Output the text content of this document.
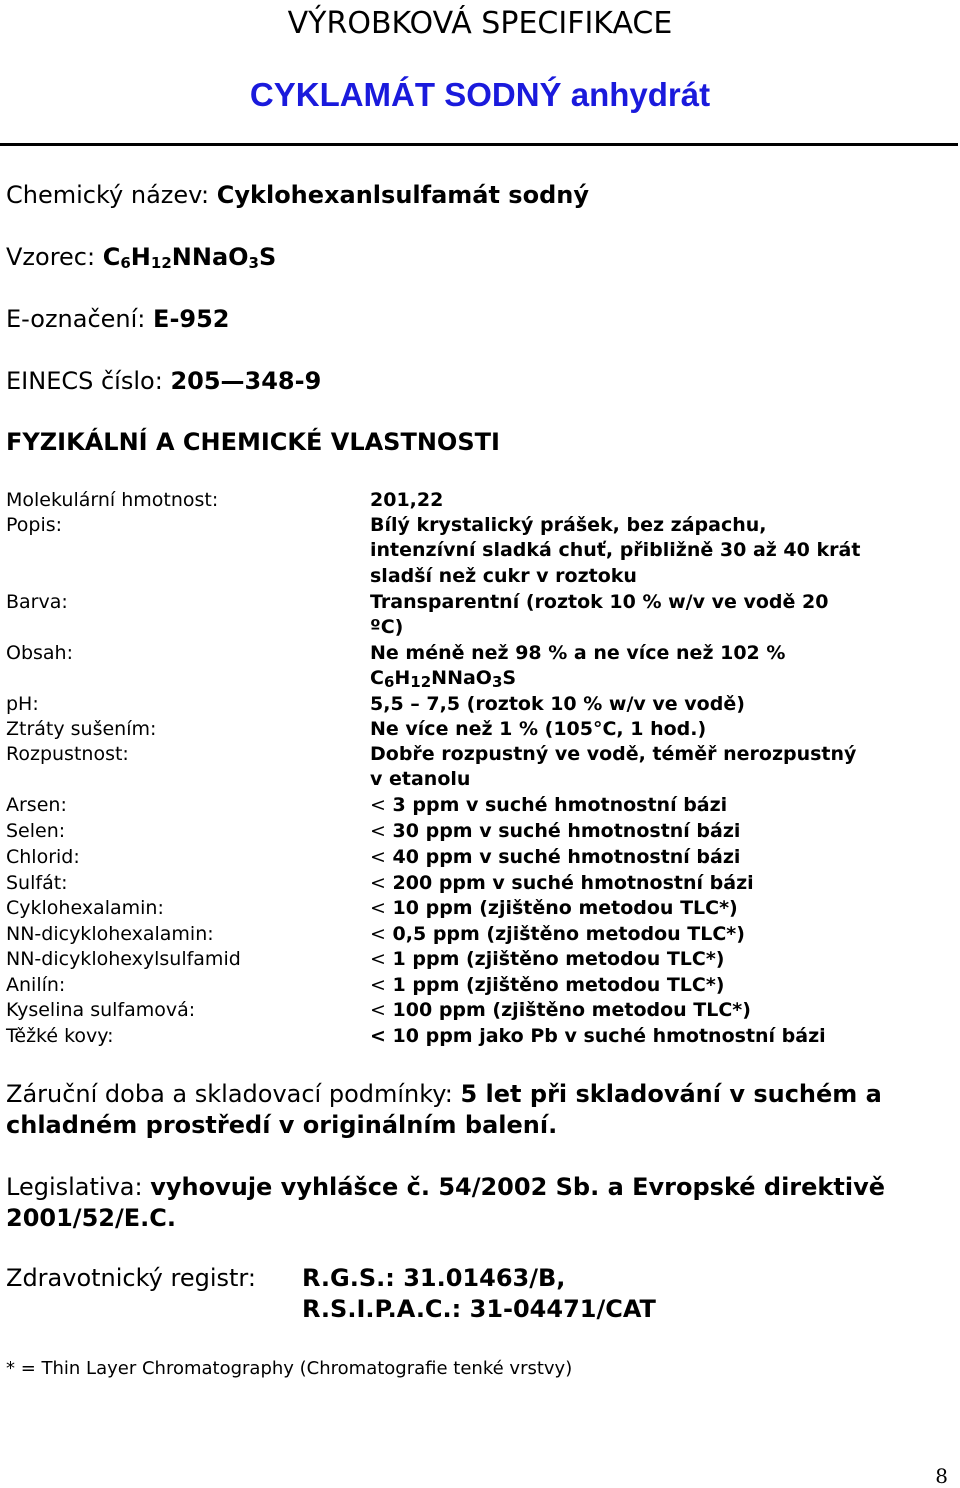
VÝROBKOVÁ SPECIFIKACE
CYKLAMÁT SODNÝ anhydrát
Chemický název: Cyklohexanlsulfamát sodný
Vzorec: $C_6H_{12}NNaO_3S$
E-označení: E-952
EINECS číslo: 205—348-9
FYZIKÁLNÍ A CHEMICKÉ VLASTNOSTI
Molekulární hmotnost:	201,22
Popis:	Bílý krystalický prášek, bez zápachu,
intenzívní sladká chuť, přibližně 30 až 40 krát
sladší než cukr v roztoku
Barva:	Transparentní (roztok 10 % w/v ve vodě 20
ºC)
Obsah:	Ne méně než 98 % a ne více než 102 %
$C_6H_{12}NNaO_3S$
pH:	5,5 – 7,5 (roztok 10 % w/v ve vodě)
Ztráty sušením:	Ne více než 1 % (105°C, 1 hod.)
Rozpustnost:	Dobře rozpustný ve vodě, téměř nerozpustný
v etanolu
Arsen:	< 3 ppm v suché hmotnostní bázi
Selen:	< 30 ppm v suché hmotnostní bázi
Chlorid:	< 40 ppm v suché hmotnostní bázi
Sulfát:	< 200 ppm v suché hmotnostní bázi
Cyklohexalamin:	< 10 ppm (zjištěno metodou TLC*)
NN-dicyklohexalamin:	< 0,5 ppm (zjištěno metodou TLC*)
NN-dicyklohexylsulfamid	< 1 ppm (zjištěno metodou TLC*)
Anilín:	< 1 ppm (zjištěno metodou TLC*)
Kyselina sulfamová:	< 100 ppm (zjištěno metodou TLC*)
Těžké kovy:	< 10 ppm jako Pb v suché hmotnostní bázi
Záruční doba a skladovací podmínky: 5 let při skladování v suchém a
chladném prostředí v originálním balení.
Legislativa: vyhovuje vyhlášce č. 54/2002 Sb. a Evropské direktivě
2001/52/E.C.
Zdravotnický registr: R.G.S.: 31.01463/B,
R.S.I.P.A.C.: 31-04471/CAT
* = Thin Layer Chromatography (Chromatografie tenké vrstvy)
8
